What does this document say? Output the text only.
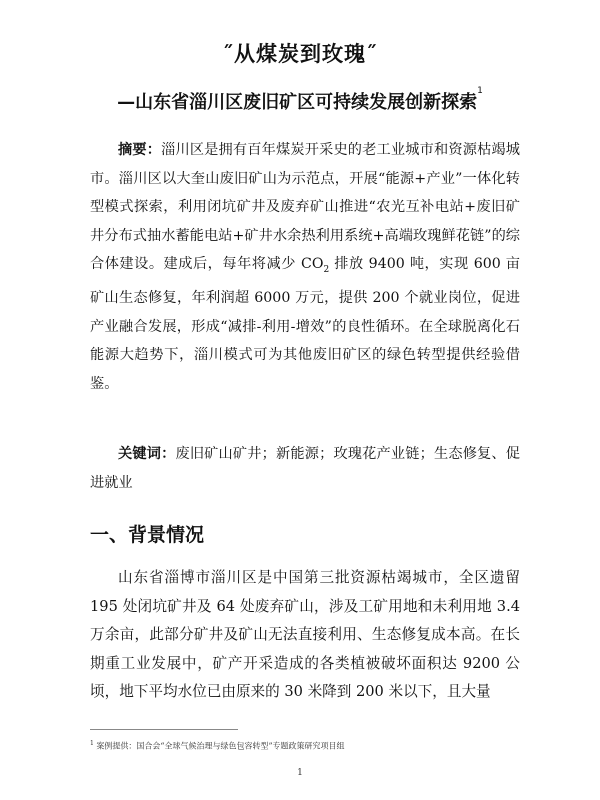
˝从煤炭到玫瑰˝
—山东省淄川区废旧矿区可持续发展创新探索$^1$

摘要：淄川区是拥有百年煤炭开采史的老工业城市和资源枯竭城市。淄川区以大奎山废旧矿山为示范点，开展“能源+产业”一体化转型模式探索，利用闭坑矿井及废弃矿山推进“农光互补电站+废旧矿井分布式抽水蓄能电站+矿井水余热利用系统+高端玫瑰鲜花链”的综合体建设。建成后，每年将减少 $CO_2$ 排放 9400 吨，实现 600 亩矿山生态修复，年利润超 6000 万元，提供 200 个就业岗位，促进产业融合发展，形成“减排-利用-增效”的良性循环。在全球脱离化石能源大趋势下，淄川模式可为其他废旧矿区的绿色转型提供经验借鉴。

关键词：废旧矿山矿井；新能源；玫瑰花产业链；生态修复、促进就业

一、背景情况

山东省淄博市淄川区是中国第三批资源枯竭城市，全区遗留 195 处闭坑矿井及 64 处废弃矿山，涉及工矿用地和未利用地 3.4 万余亩，此部分矿井及矿山无法直接利用、生态修复成本高。在长期重工业发展中，矿产开采造成的各类植被破坏面积达 9200 公顷，地下平均水位已由原来的 30 米降到 200 米以下，且大量

$^1$ 案例提供：国合会“全球气候治理与绿色包容转型”专题政策研究项目组
1
